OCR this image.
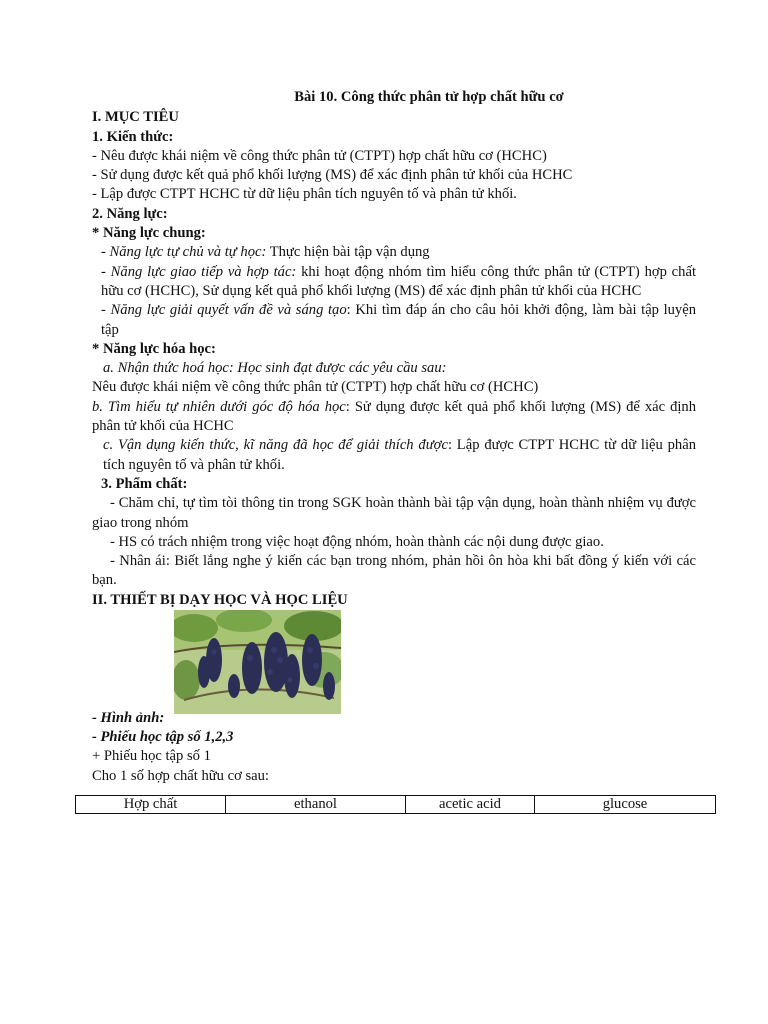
Bài 10. Công thức phân tử hợp chất hữu cơ

I. MỤC TIÊU

1. Kiến thức:

- Nêu được khái niệm về công thức phân tử (CTPT) hợp chất hữu cơ (HCHC)

- Sử dụng được kết quả phổ khối lượng (MS) để xác định phân tử khối của HCHC

- Lập được CTPT HCHC từ dữ liệu phân tích nguyên tố và phân tử khối.

2. Năng lực:

* Năng lực chung:

- Năng lực tự chủ và tự học: Thực hiện bài tập vận dụng

- Năng lực giao tiếp và hợp tác: khi hoạt động nhóm tìm hiểu công thức phân tử (CTPT) hợp chất hữu cơ (HCHC), Sử dụng kết quả phổ khối lượng (MS) để xác định phân tử khối của HCHC

- Năng lực giải quyết vấn đề và sáng tạo: Khi tìm đáp án cho câu hỏi khởi động, làm bài tập luyện tập

* Năng lực hóa học:

a. Nhận thức hoá học: Học sinh đạt được các yêu cầu sau:

Nêu được khái niệm về công thức phân tử (CTPT) hợp chất hữu cơ (HCHC)

b. Tìm hiểu tự nhiên dưới góc độ hóa học: Sử dụng được kết quả phổ khối lượng (MS) để xác định phân tử khối của HCHC

c. Vận dụng kiến thức, kĩ năng đã học để giải thích được: Lập được CTPT HCHC từ dữ liệu phân tích nguyên tố và phân tử khối.

3. Phẩm chất:

- Chăm chỉ, tự tìm tòi thông tin trong SGK hoàn thành bài tập vận dụng, hoàn thành nhiệm vụ được giao trong nhóm

- HS có trách nhiệm trong việc hoạt động nhóm, hoàn thành các nội dung được giao.

- Nhân ái: Biết lắng nghe ý kiến các bạn trong nhóm, phản hồi ôn hòa khi bất đồng ý kiến với các bạn.

II. THIẾT BỊ DẠY HỌC VÀ HỌC LIỆU

- Hình ảnh:

- Phiếu học tập số 1,2,3

+ Phiếu học tập số 1

Cho 1 số hợp chất hữu cơ sau:

Hợp chất	ethanol	acetic acid	glucose
